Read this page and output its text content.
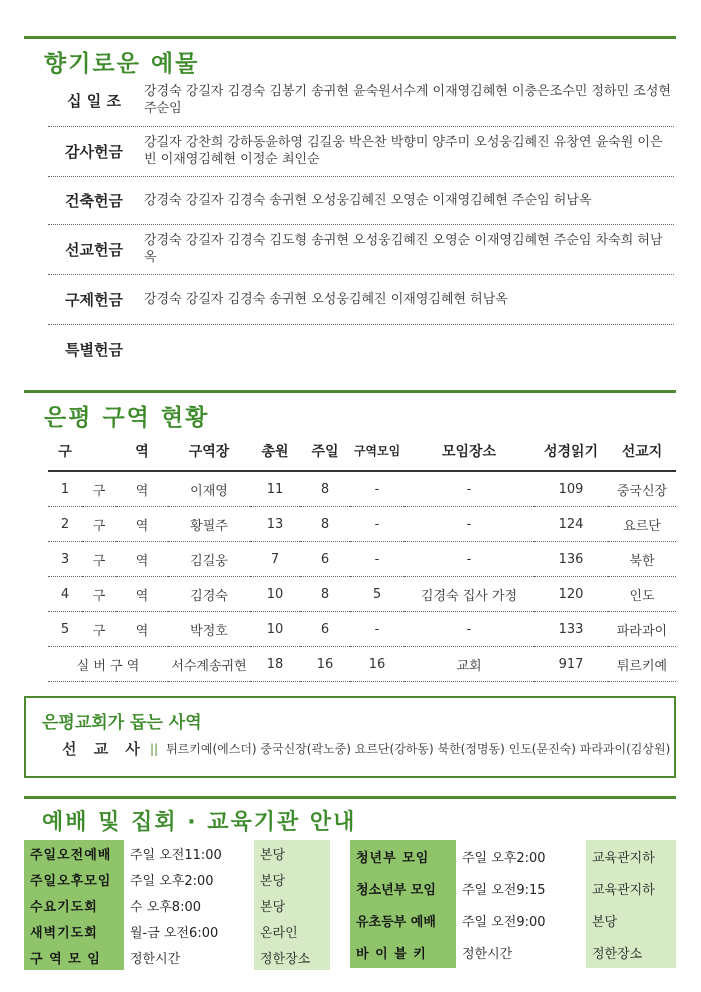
향기로운 예물
십 일 조	강경숙 강길자 김경숙 김봉기 송귀현 윤숙원서수계 이재영김혜현 이충은조수민 정하민 조성현 주순임
감사헌금	강길자 강찬희 강하동윤하영 김길웅 박은찬 박향미 양주미 오성웅김혜진 유창연 윤숙원 이은빈 이재영김혜현 이정순 최인순
건축헌금	강경숙 강길자 김경숙 송귀현 오성웅김혜진 오영순 이재영김혜현 주순임 허남옥
선교헌금	강경숙 강길자 김경숙 김도형 송귀현 오성웅김혜진 오영순 이재영김혜현 주순임 차숙희 허남옥
구제헌금	강경숙 강길자 김경숙 송귀현 오성웅김혜진 이재영김혜현 허남옥
특별헌금
은평 구역 현황
구		역	구역장	총원	주일	구역모임	모임장소	성경읽기	선교지
1	구	역	이재영	11	8	-	-	109	중국신장
2	구	역	황필주	13	8	-	-	124	요르단
3	구	역	김길웅	7	6	-	-	136	북한
4	구	역	김경숙	10	8	5	김경숙 집사 가정	120	인도
5	구	역	박정호	10	6	-	-	133	파라과이
실 버 구 역			서수계송귀현	18	16	16	교회	917	튀르키예
은평교회가 돕는 사역
선 교 사 || 튀르키예(에스더) 중국신장(곽노중) 요르단(강하동) 북한(정명동) 인도(문진숙) 파라과이(김상원)
예배 및 집회 · 교육기관 안내
주일오전예배	주일 오전11:00	본당
주일오후모임	주일 오후2:00	본당
수요기도회	수 오후8:00	본당
새벽기도회	월-금 오전6:00	온라인
구 역 모 임	정한시간	정한장소
청년부 모임	주일 오후2:00	교육관지하
청소년부 모임	주일 오전9:15	교육관지하
유초등부 예배	주일 오전9:00	본당
바 이 블 키	정한시간	정한장소
